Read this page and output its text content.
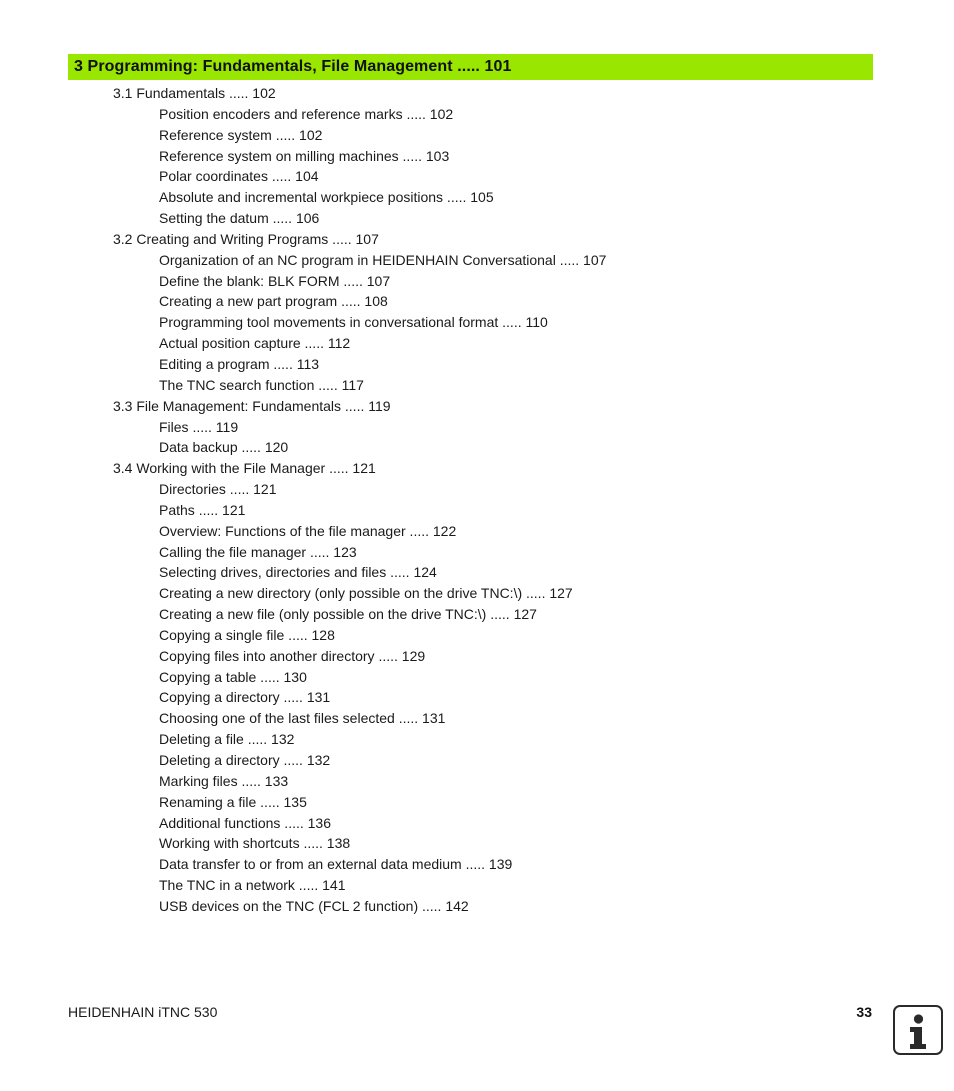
3 Programming: Fundamentals, File Management ..... 101
3.1 Fundamentals ..... 102
Position encoders and reference marks ..... 102
Reference system ..... 102
Reference system on milling machines ..... 103
Polar coordinates ..... 104
Absolute and incremental workpiece positions ..... 105
Setting the datum ..... 106
3.2 Creating and Writing Programs ..... 107
Organization of an NC program in HEIDENHAIN Conversational ..... 107
Define the blank: BLK FORM ..... 107
Creating a new part program ..... 108
Programming tool movements in conversational format ..... 110
Actual position capture ..... 112
Editing a program ..... 113
The TNC search function ..... 117
3.3 File Management: Fundamentals ..... 119
Files ..... 119
Data backup ..... 120
3.4 Working with the File Manager ..... 121
Directories ..... 121
Paths ..... 121
Overview: Functions of the file manager ..... 122
Calling the file manager ..... 123
Selecting drives, directories and files ..... 124
Creating a new directory (only possible on the drive TNC:\) ..... 127
Creating a new file (only possible on the drive TNC:\) ..... 127
Copying a single file ..... 128
Copying files into another directory ..... 129
Copying a table ..... 130
Copying a directory ..... 131
Choosing one of the last files selected ..... 131
Deleting a file ..... 132
Deleting a directory ..... 132
Marking files ..... 133
Renaming a file ..... 135
Additional functions ..... 136
Working with shortcuts ..... 138
Data transfer to or from an external data medium ..... 139
The TNC in a network ..... 141
USB devices on the TNC (FCL 2 function) ..... 142
HEIDENHAIN iTNC 530	33
